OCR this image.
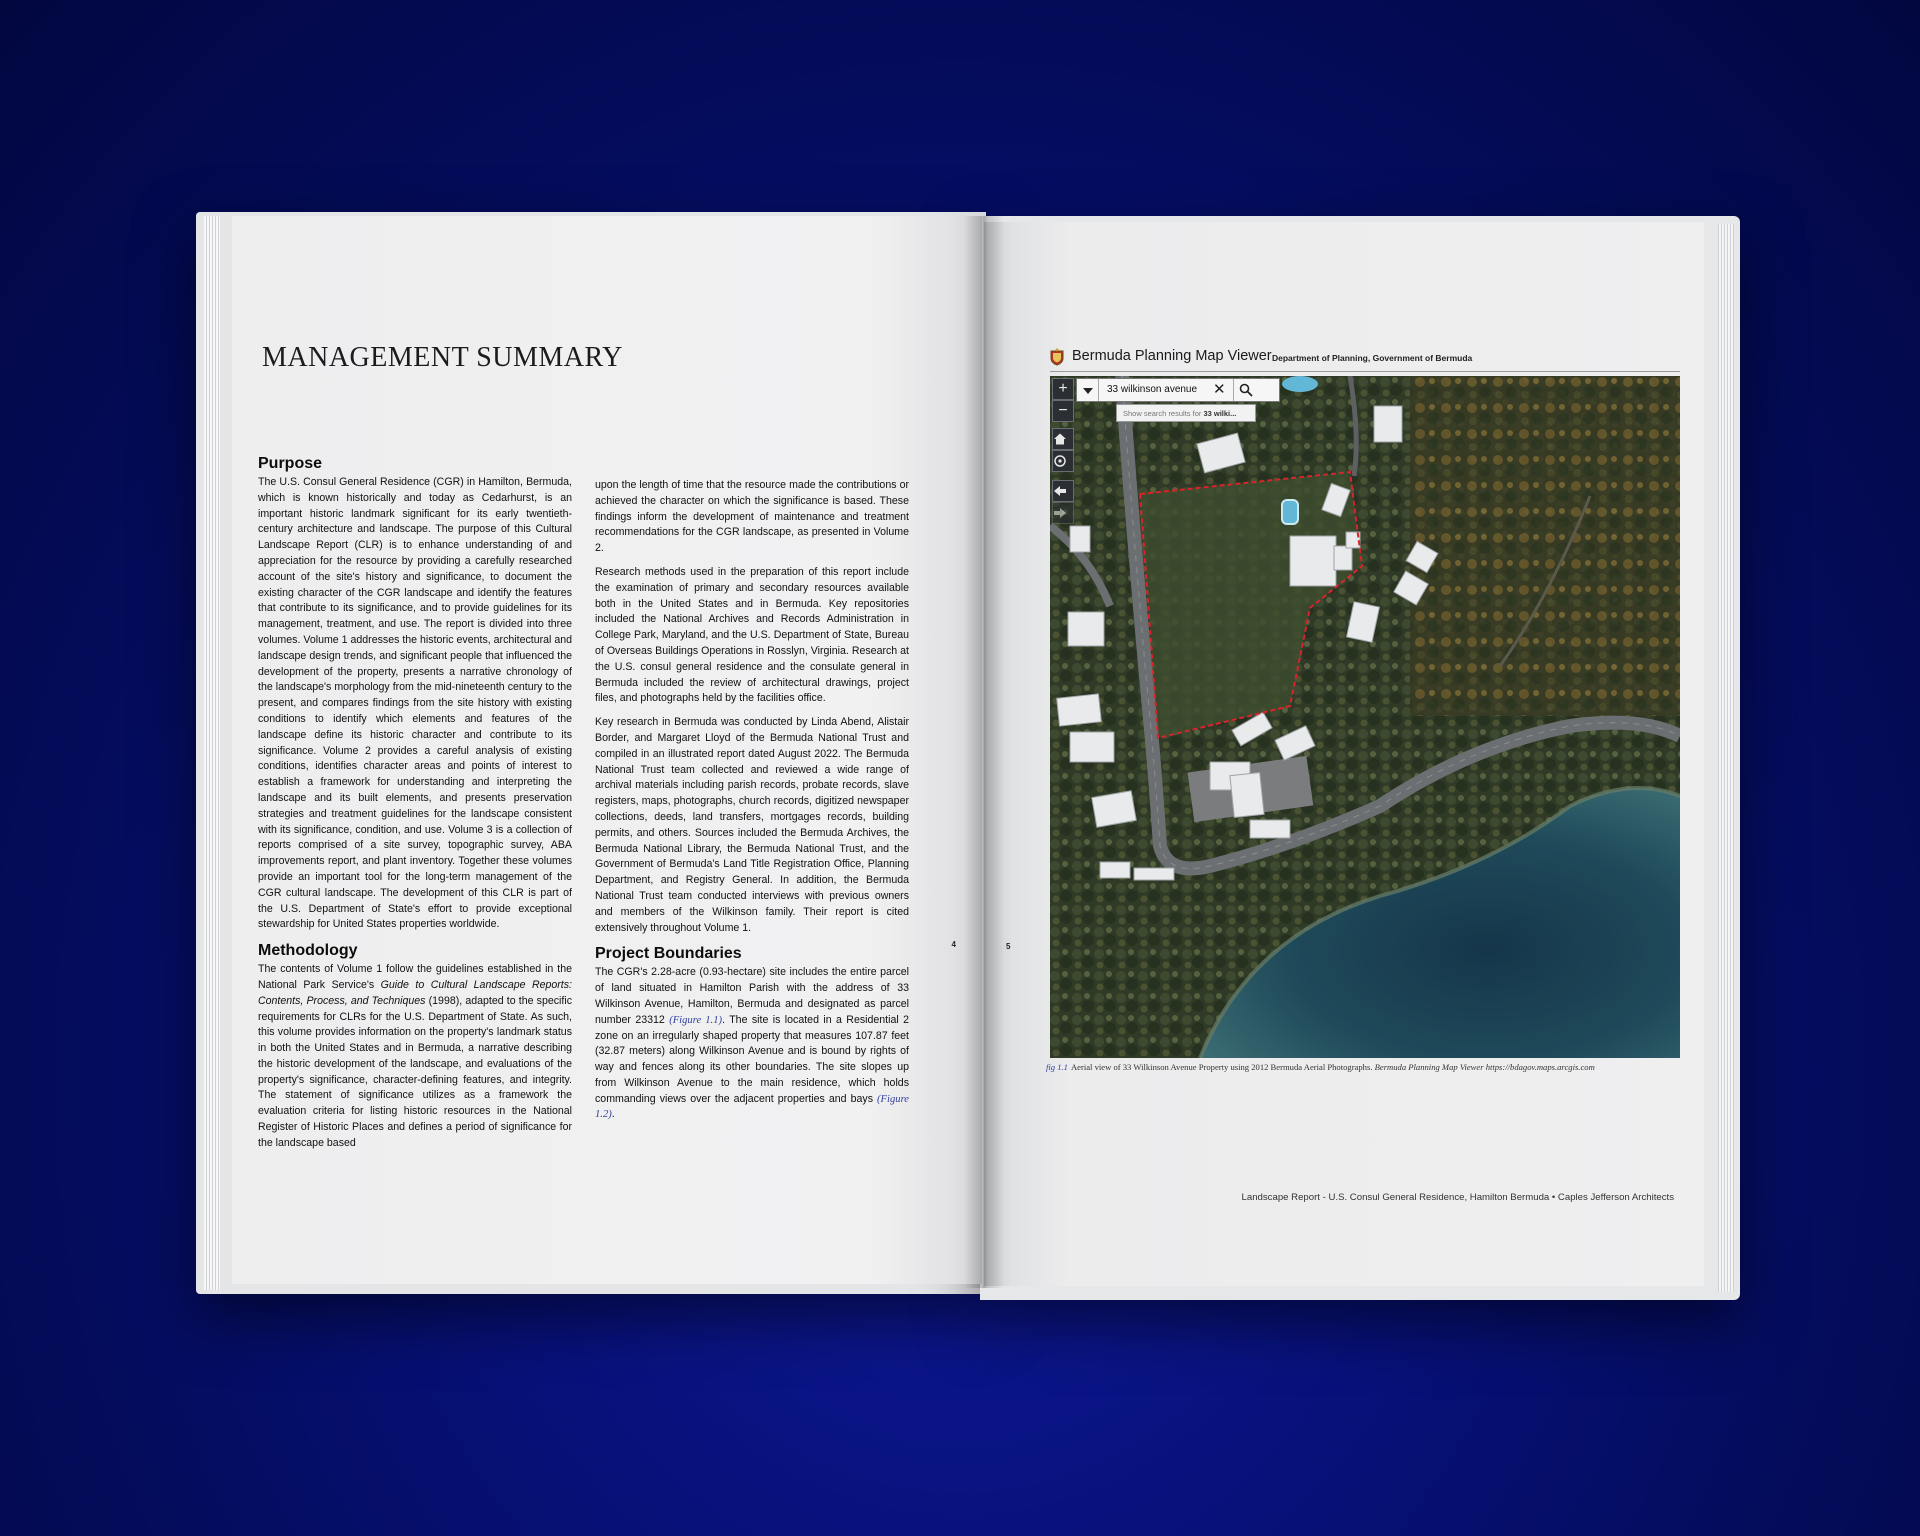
MANAGEMENT SUMMARY
Purpose

The U.S. Consul General Residence (CGR) in Hamilton, Bermuda, which is known historically and today as Cedarhurst, is an important historic landmark significant for its early twentieth-century architecture and landscape. The purpose of this Cultural Landscape Report (CLR) is to enhance understanding of and appreciation for the resource by providing a carefully researched account of the site's history and significance, to document the existing character of the CGR landscape and identify the features that contribute to its significance, and to provide guidelines for its management, treatment, and use. The report is divided into three volumes. Volume 1 addresses the historic events, architectural and landscape design trends, and significant people that influenced the development of the property, presents a narrative chronology of the landscape's morphology from the mid-nineteenth century to the present, and compares findings from the site history with existing conditions to identify which elements and features of the landscape define its historic character and contribute to its significance. Volume 2 provides a careful analysis of existing conditions, identifies character areas and points of interest to establish a framework for understanding and interpreting the landscape and its built elements, and presents preservation strategies and treatment guidelines for the landscape consistent with its significance, condition, and use. Volume 3 is a collection of reports comprised of a site survey, topographic survey, ABA improvements report, and plant inventory. Together these volumes provide an important tool for the long-term management of the CGR cultural landscape. The development of this CLR is part of the U.S. Department of State's effort to provide exceptional stewardship for United States properties worldwide.

Methodology

The contents of Volume 1 follow the guidelines established in the National Park Service's Guide to Cultural Landscape Reports: Contents, Process, and Techniques (1998), adapted to the specific requirements for CLRs for the U.S. Department of State. As such, this volume provides information on the property's landmark status in both the United States and in Bermuda, a narrative describing the historic development of the landscape, and evaluations of the property's significance, character-defining features, and integrity. The statement of significance utilizes as a framework the evaluation criteria for listing historic resources in the National Register of Historic Places and defines a period of significance for the landscape based

upon the length of time that the resource made the contributions or achieved the character on which the significance is based. These findings inform the development of maintenance and treatment recommendations for the CGR landscape, as presented in Volume 2.

Research methods used in the preparation of this report include the examination of primary and secondary resources available both in the United States and in Bermuda. Key repositories included the National Archives and Records Administration in College Park, Maryland, and the U.S. Department of State, Bureau of Overseas Buildings Operations in Rosslyn, Virginia. Research at the U.S. consul general residence and the consulate general in Bermuda included the review of architectural drawings, project files, and photographs held by the facilities office.

Key research in Bermuda was conducted by Linda Abend, Alistair Border, and Margaret Lloyd of the Bermuda National Trust and compiled in an illustrated report dated August 2022. The Bermuda National Trust team collected and reviewed a wide range of archival materials including parish records, probate records, slave registers, maps, photographs, church records, digitized newspaper collections, deeds, land transfers, mortgages records, building permits, and others. Sources included the Bermuda Archives, the Bermuda National Library, the Bermuda National Trust, and the Government of Bermuda's Land Title Registration Office, Planning Department, and Registry General. In addition, the Bermuda National Trust team conducted interviews with previous owners and members of the Wilkinson family. Their report is cited extensively throughout Volume 1.

Project Boundaries

The CGR's 2.28-acre (0.93-hectare) site includes the entire parcel of land situated in Hamilton Parish with the address of 33 Wilkinson Avenue, Hamilton, Bermuda and designated as parcel number 23312 (Figure 1.1). The site is located in a Residential 2 zone on an irregularly shaped property that measures 107.87 feet (32.87 meters) along Wilkinson Avenue and is bound by rights of way and fences along its other boundaries. The site slopes up from Wilkinson Avenue to the main residence, which holds commanding views over the adjacent properties and bays (Figure 1.2).

4	5
Bermuda Planning Map Viewer Department of Planning, Government of Bermuda
+
−
33 wilkinson avenue ✕
Show search results for 33 wilki...
fig 1.1 Aerial view of 33 Wilkinson Avenue Property using 2012 Bermuda Aerial Photographs. Bermuda Planning Map Viewer https://bdagov.maps.arcgis.com
Landscape Report - U.S. Consul General Residence, Hamilton Bermuda • Caples Jefferson Architects
